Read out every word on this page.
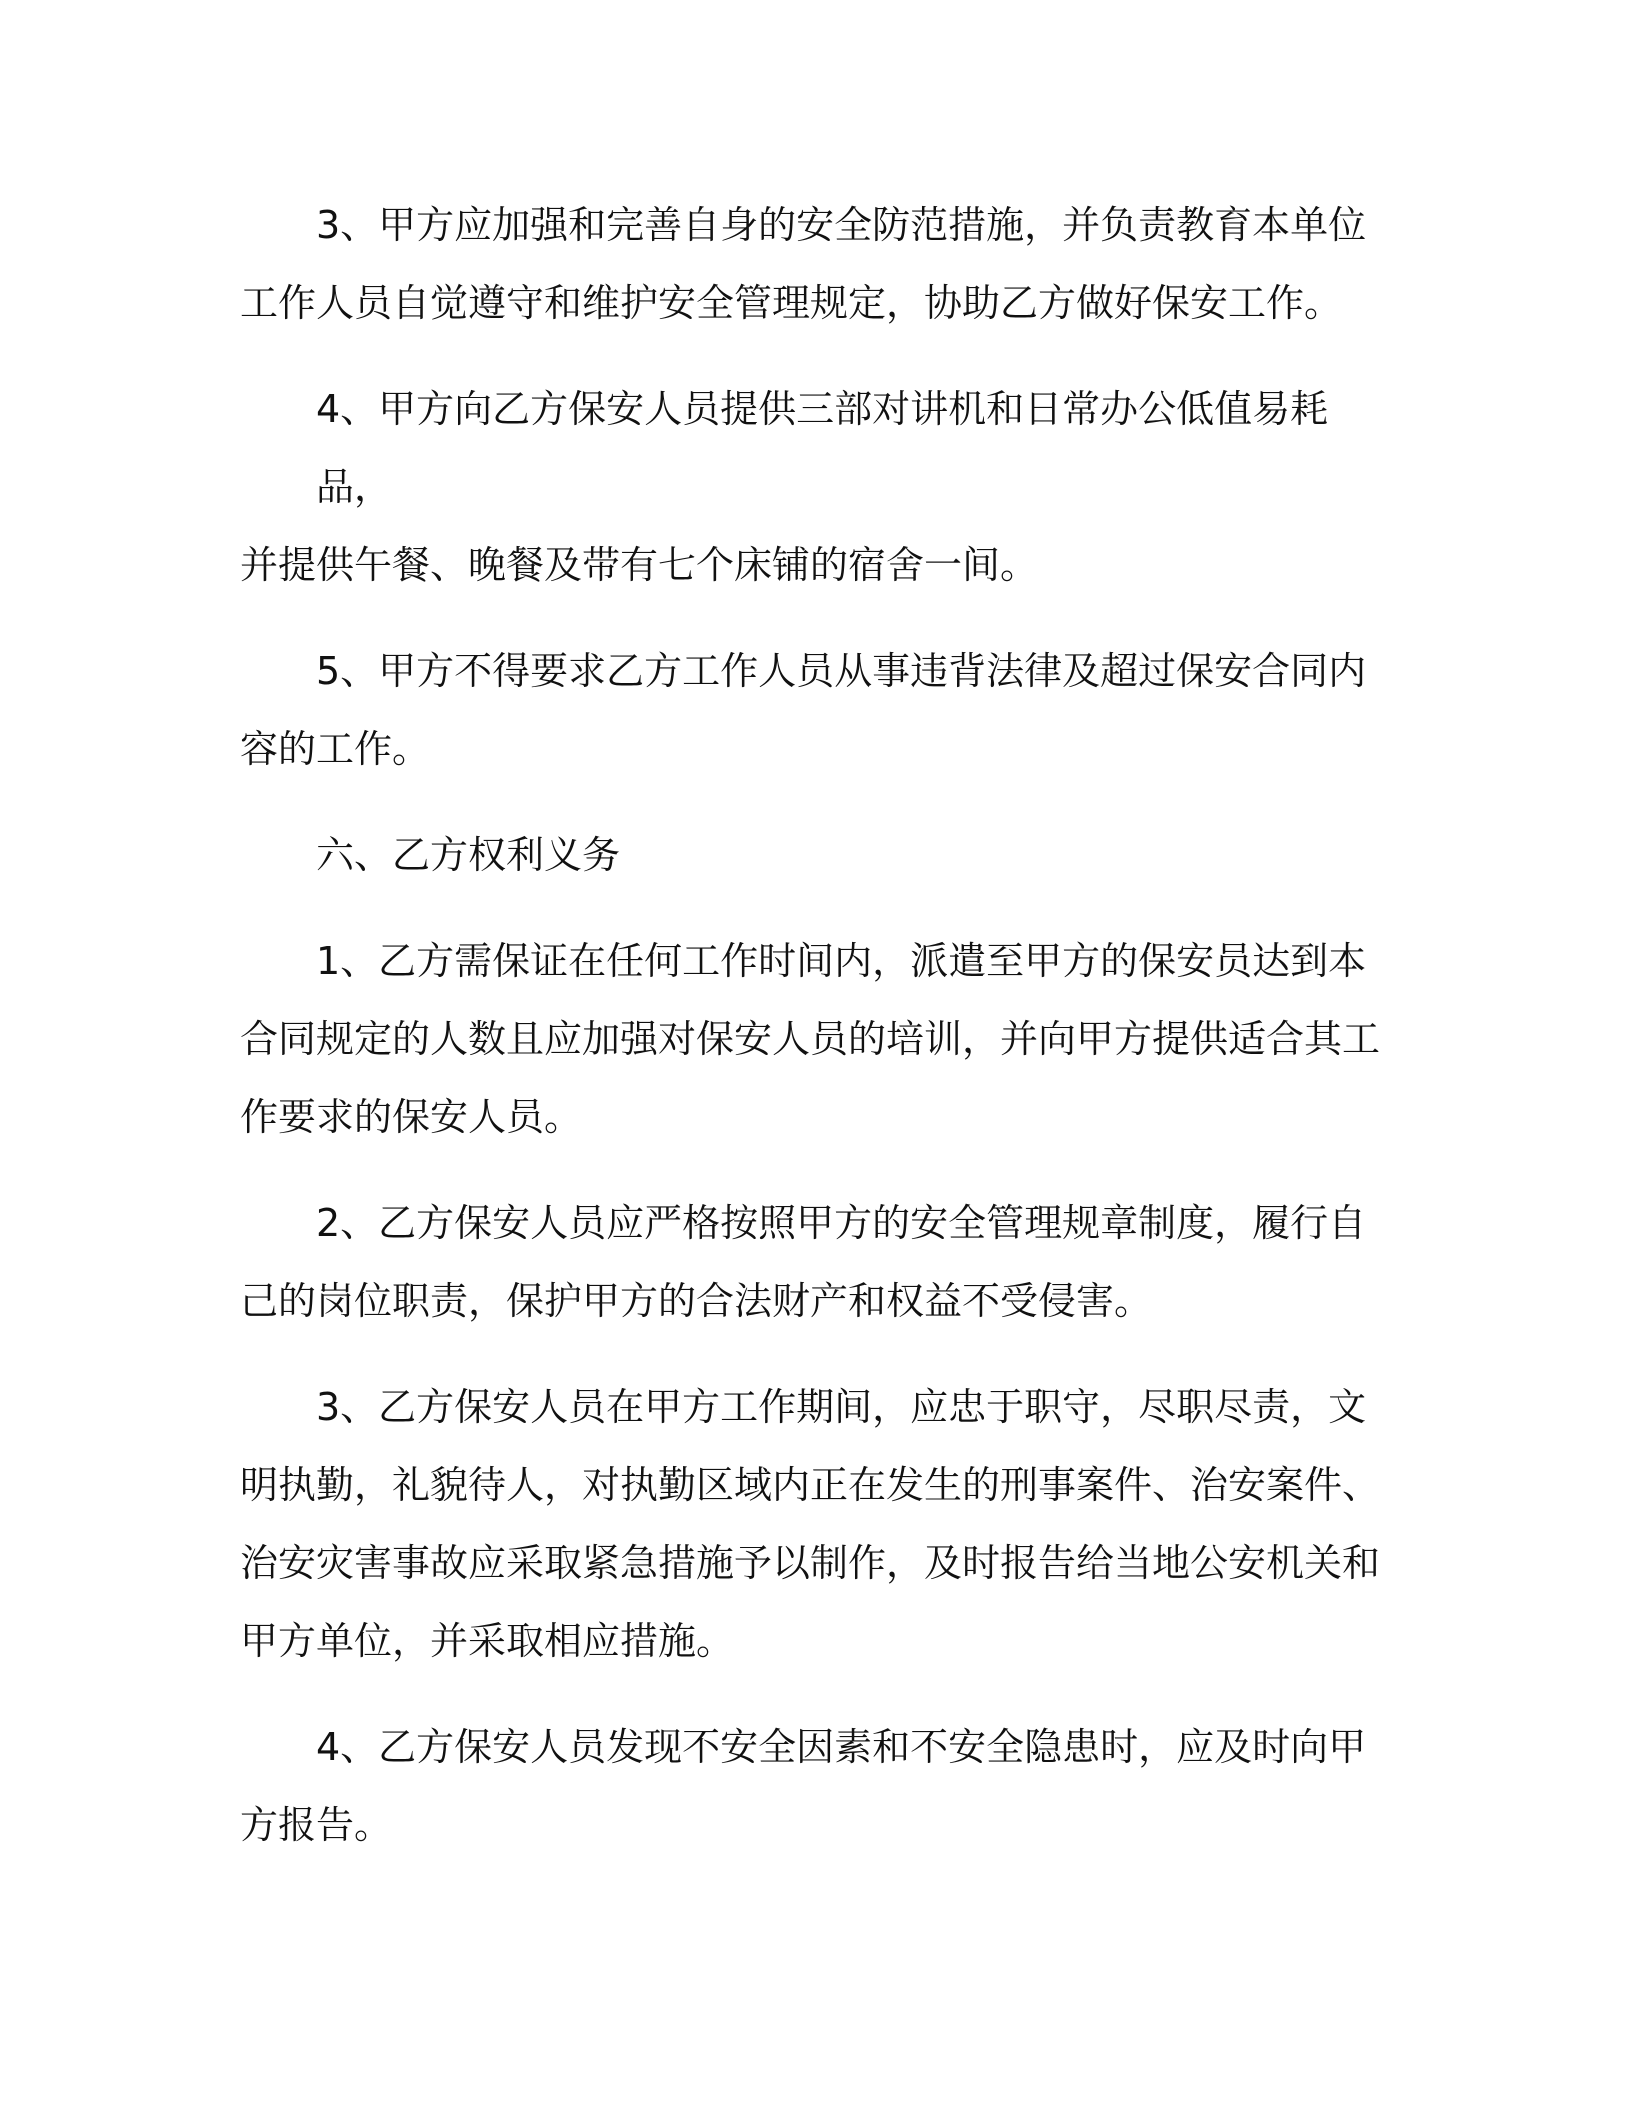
3、甲方应加强和完善自身的安全防范措施，并负责教育本单位
工作人员自觉遵守和维护安全管理规定，协助乙方做好保安工作。
4、甲方向乙方保安人员提供三部对讲机和日常办公低值易耗品，
并提供午餐、晚餐及带有七个床铺的宿舍一间。
5、甲方不得要求乙方工作人员从事违背法律及超过保安合同内
容的工作。
六、乙方权利义务
1、乙方需保证在任何工作时间内，派遣至甲方的保安员达到本
合同规定的人数且应加强对保安人员的培训，并向甲方提供适合其工
作要求的保安人员。
2、乙方保安人员应严格按照甲方的安全管理规章制度，履行自
己的岗位职责，保护甲方的合法财产和权益不受侵害。
3、乙方保安人员在甲方工作期间，应忠于职守，尽职尽责，文
明执勤，礼貌待人，对执勤区域内正在发生的刑事案件、治安案件、
治安灾害事故应采取紧急措施予以制作，及时报告给当地公安机关和
甲方单位，并采取相应措施。
4、乙方保安人员发现不安全因素和不安全隐患时，应及时向甲
方报告。
